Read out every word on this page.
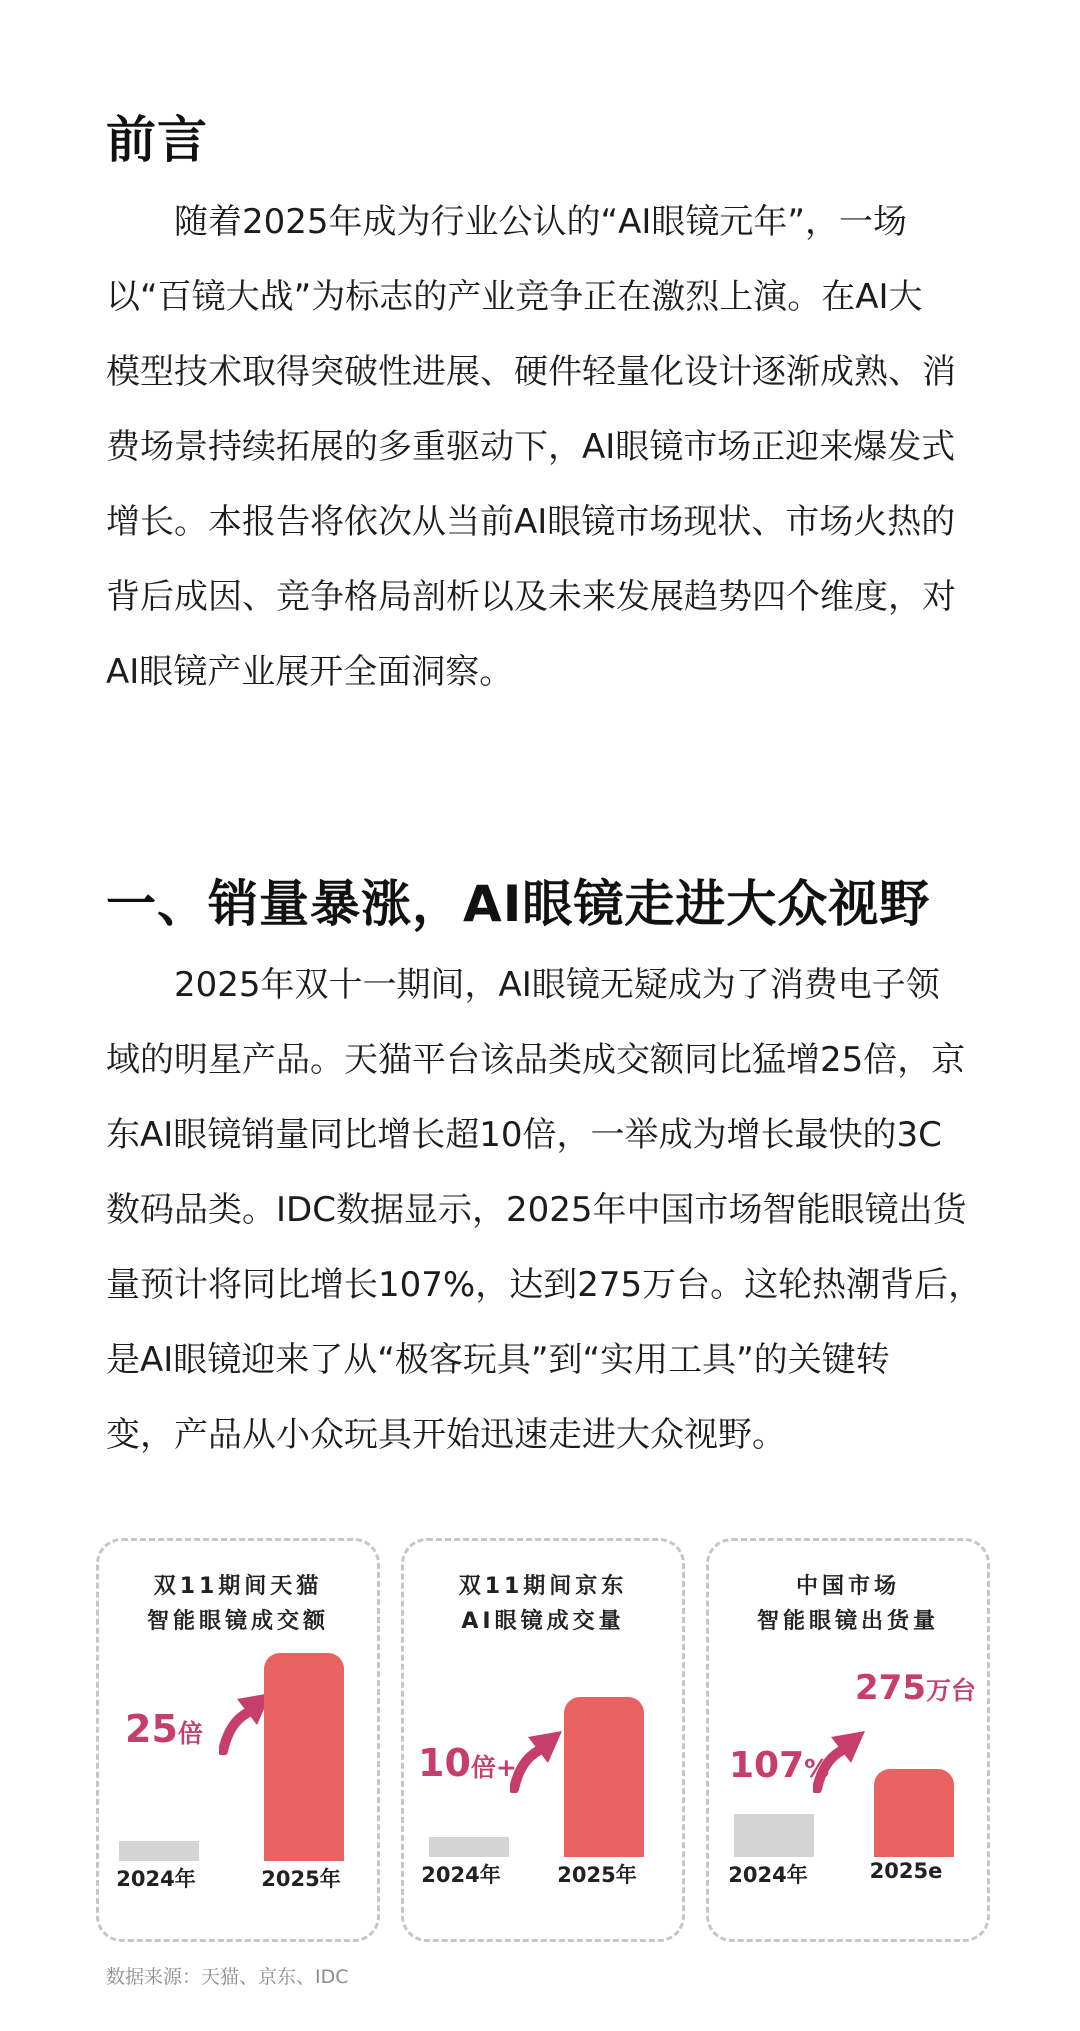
前言
　　随着2025年成为行业公认的“AI眼镜元年”，一场
以“百镜大战”为标志的产业竞争正在激烈上演。在AI大
模型技术取得突破性进展、硬件轻量化设计逐渐成熟、消
费场景持续拓展的多重驱动下，AI眼镜市场正迎来爆发式
增长。本报告将依次从当前AI眼镜市场现状、市场火热的
背后成因、竞争格局剖析以及未来发展趋势四个维度，对
AI眼镜产业展开全面洞察。
一、销量暴涨，AI眼镜走进大众视野
　　2025年双十一期间，AI眼镜无疑成为了消费电子领
域的明星产品。天猫平台该品类成交额同比猛增25倍，京
东AI眼镜销量同比增长超10倍，一举成为增长最快的3C
数码品类。IDC数据显示，2025年中国市场智能眼镜出货
量预计将同比增长107%，达到275万台。这轮热潮背后，
是AI眼镜迎来了从“极客玩具”到“实用工具”的关键转
变，产品从小众玩具开始迅速走进大众视野。
双11期间天猫
智能眼镜成交额
25倍
2024年	2025年
双11期间京东
AI眼镜成交量
10倍+
2024年	2025年
中国市场
智能眼镜出货量
275万台
107%
2024年	2025e
数据来源：天猫、京东、IDC
